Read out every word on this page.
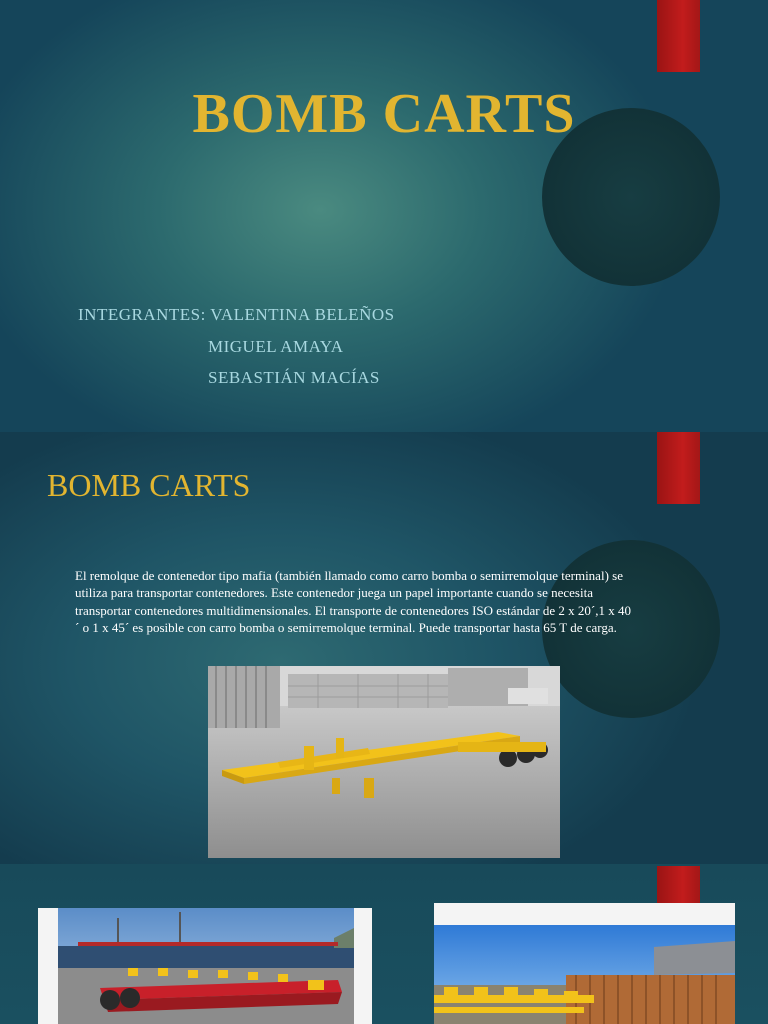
BOMB CARTS
INTEGRANTES: VALENTINA BELEÑOS
MIGUEL AMAYA
SEBASTIÁN MACÍAS
BOMB CARTS

El remolque de contenedor tipo mafia (también llamado como carro bomba o semirremolque terminal) se utiliza para transportar contenedores. Este contenedor juega un papel importante cuando se necesita transportar contenedores multidimensionales. El transporte de contenedores ISO estándar de 2 x 20´,1 x 40´ o 1 x 45´ es posible con carro bomba o semirremolque terminal. Puede transportar hasta 65 T de carga.
